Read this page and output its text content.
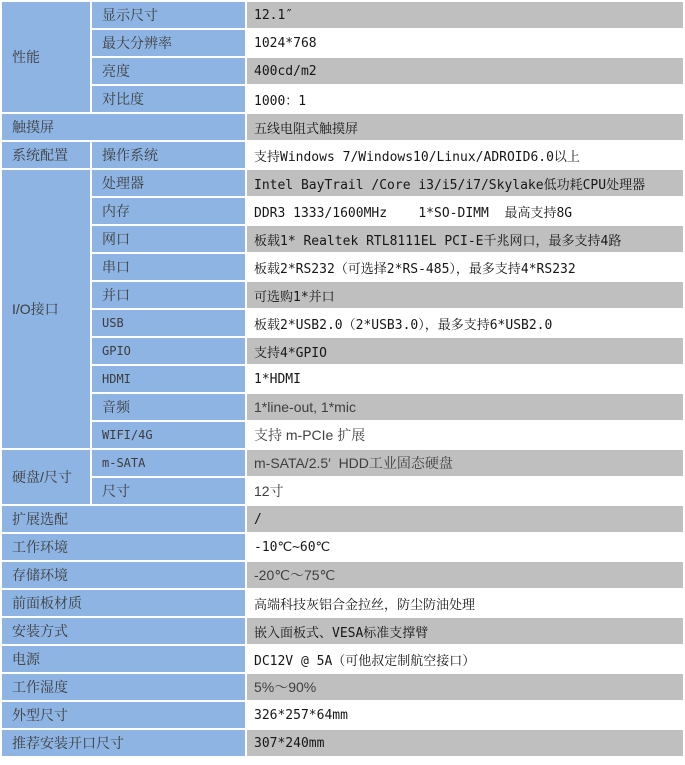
性能	显示尺寸	12.1″
	最大分辨率	1024*768
	亮度	400cd/m2
	对比度	1000：1
触摸屏		五线电阻式触摸屏
系统配置	操作系统	支持Windows 7/Windows10/Linux/ADROID6.0以上
I/O接口	处理器	Intel BayTrail /Core i3/i5/i7/Skylake低功耗CPU处理器
	内存	DDR3 1333/1600MHz    1*SO-DIMM  最高支持8G
	网口	板载1* Realtek RTL8111EL PCI-E千兆网口，最多支持4路
	串口	板载2*RS232（可选择2*RS-485），最多支持4*RS232
	并口	可选购1*并口
	USB	板载2*USB2.0（2*USB3.0），最多支持6*USB2.0
	GPIO	支持4*GPIO
	HDMI	1*HDMI
	音频	1*line-out, 1*mic
	WIFI/4G	支持 m-PCIe 扩展
硬盘/尺寸	m-SATA	m-SATA/2.5′  HDD工业固态硬盘
	尺寸	12寸
扩展选配		/
工作环境		-10℃~60℃
存储环境		-20℃～75℃
前面板材质		高端科技灰铝合金拉丝，防尘防油处理
安装方式		嵌入面板式、VESA标准支撑臂
电源		DC12V @ 5A（可他叔定制航空接口）
工作湿度		5%～90%
外型尺寸		326*257*64mm
推荐安装开口尺寸		307*240mm
